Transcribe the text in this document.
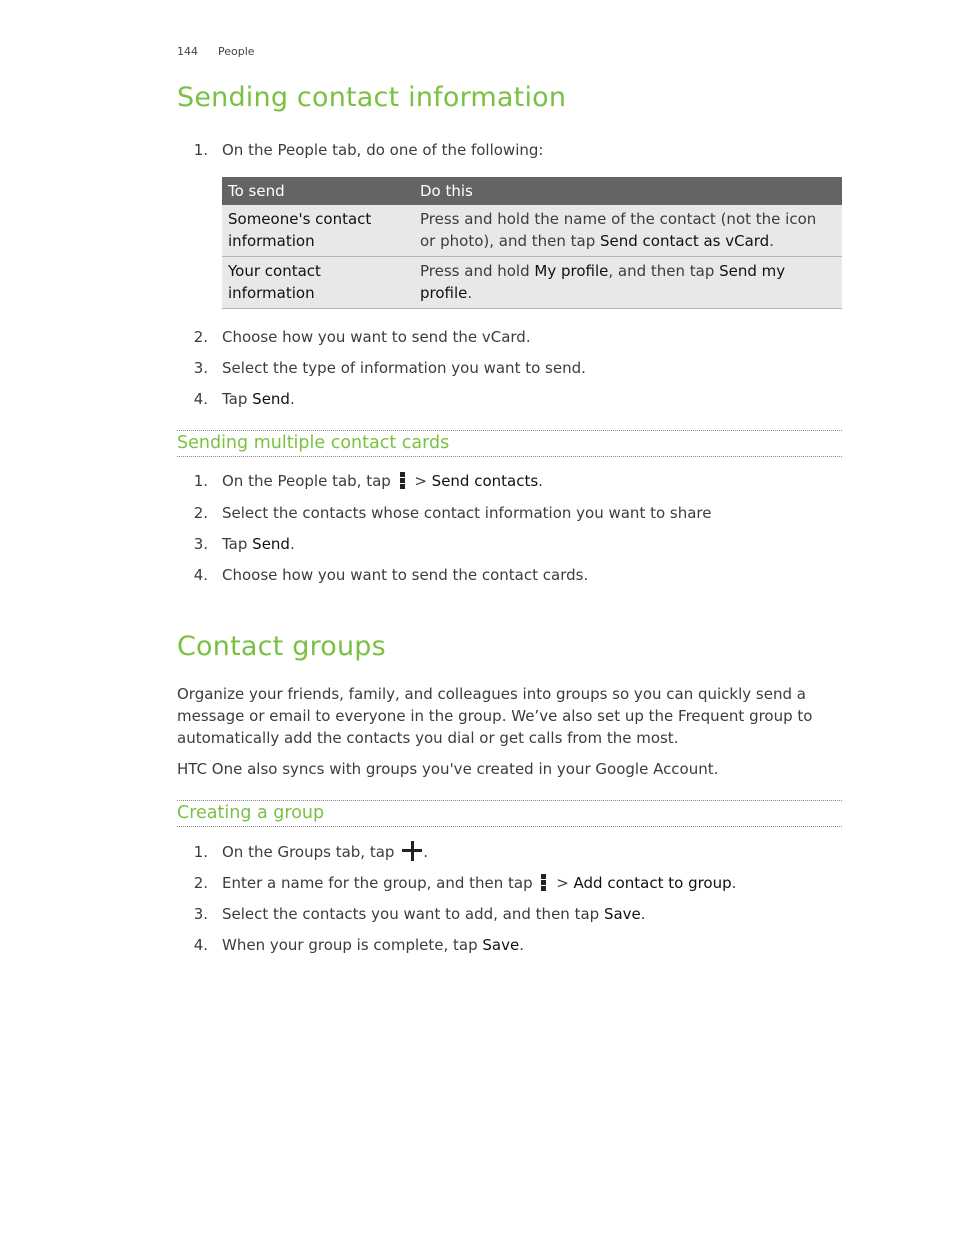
144 People
Sending contact information
1. On the People tab, do one of the following:
To send	Do this
Someone's contact information	Press and hold the name of the contact (not the icon or photo), and then tap Send contact as vCard.
Your contact information	Press and hold My profile, and then tap Send my profile.
2. Choose how you want to send the vCard.
3. Select the type of information you want to send.
4. Tap Send.
Sending multiple contact cards
1. On the People tab, tap
> Send contacts.
2. Select the contacts whose contact information you want to share
3. Tap Send.
4. Choose how you want to send the contact cards.
Contact groups
Organize your friends, family, and colleagues into groups so you can quickly send a
message or email to everyone in the group. We’ve also set up the Frequent group to
automatically add the contacts you dial or get calls from the most.
HTC One also syncs with groups you've created in your Google Account.
Creating a group
1. On the Groups tab, tap .
2. Enter a name for the group, and then tap
> Add contact to group.
3. Select the contacts you want to add, and then tap Save.
4. When your group is complete, tap Save.
